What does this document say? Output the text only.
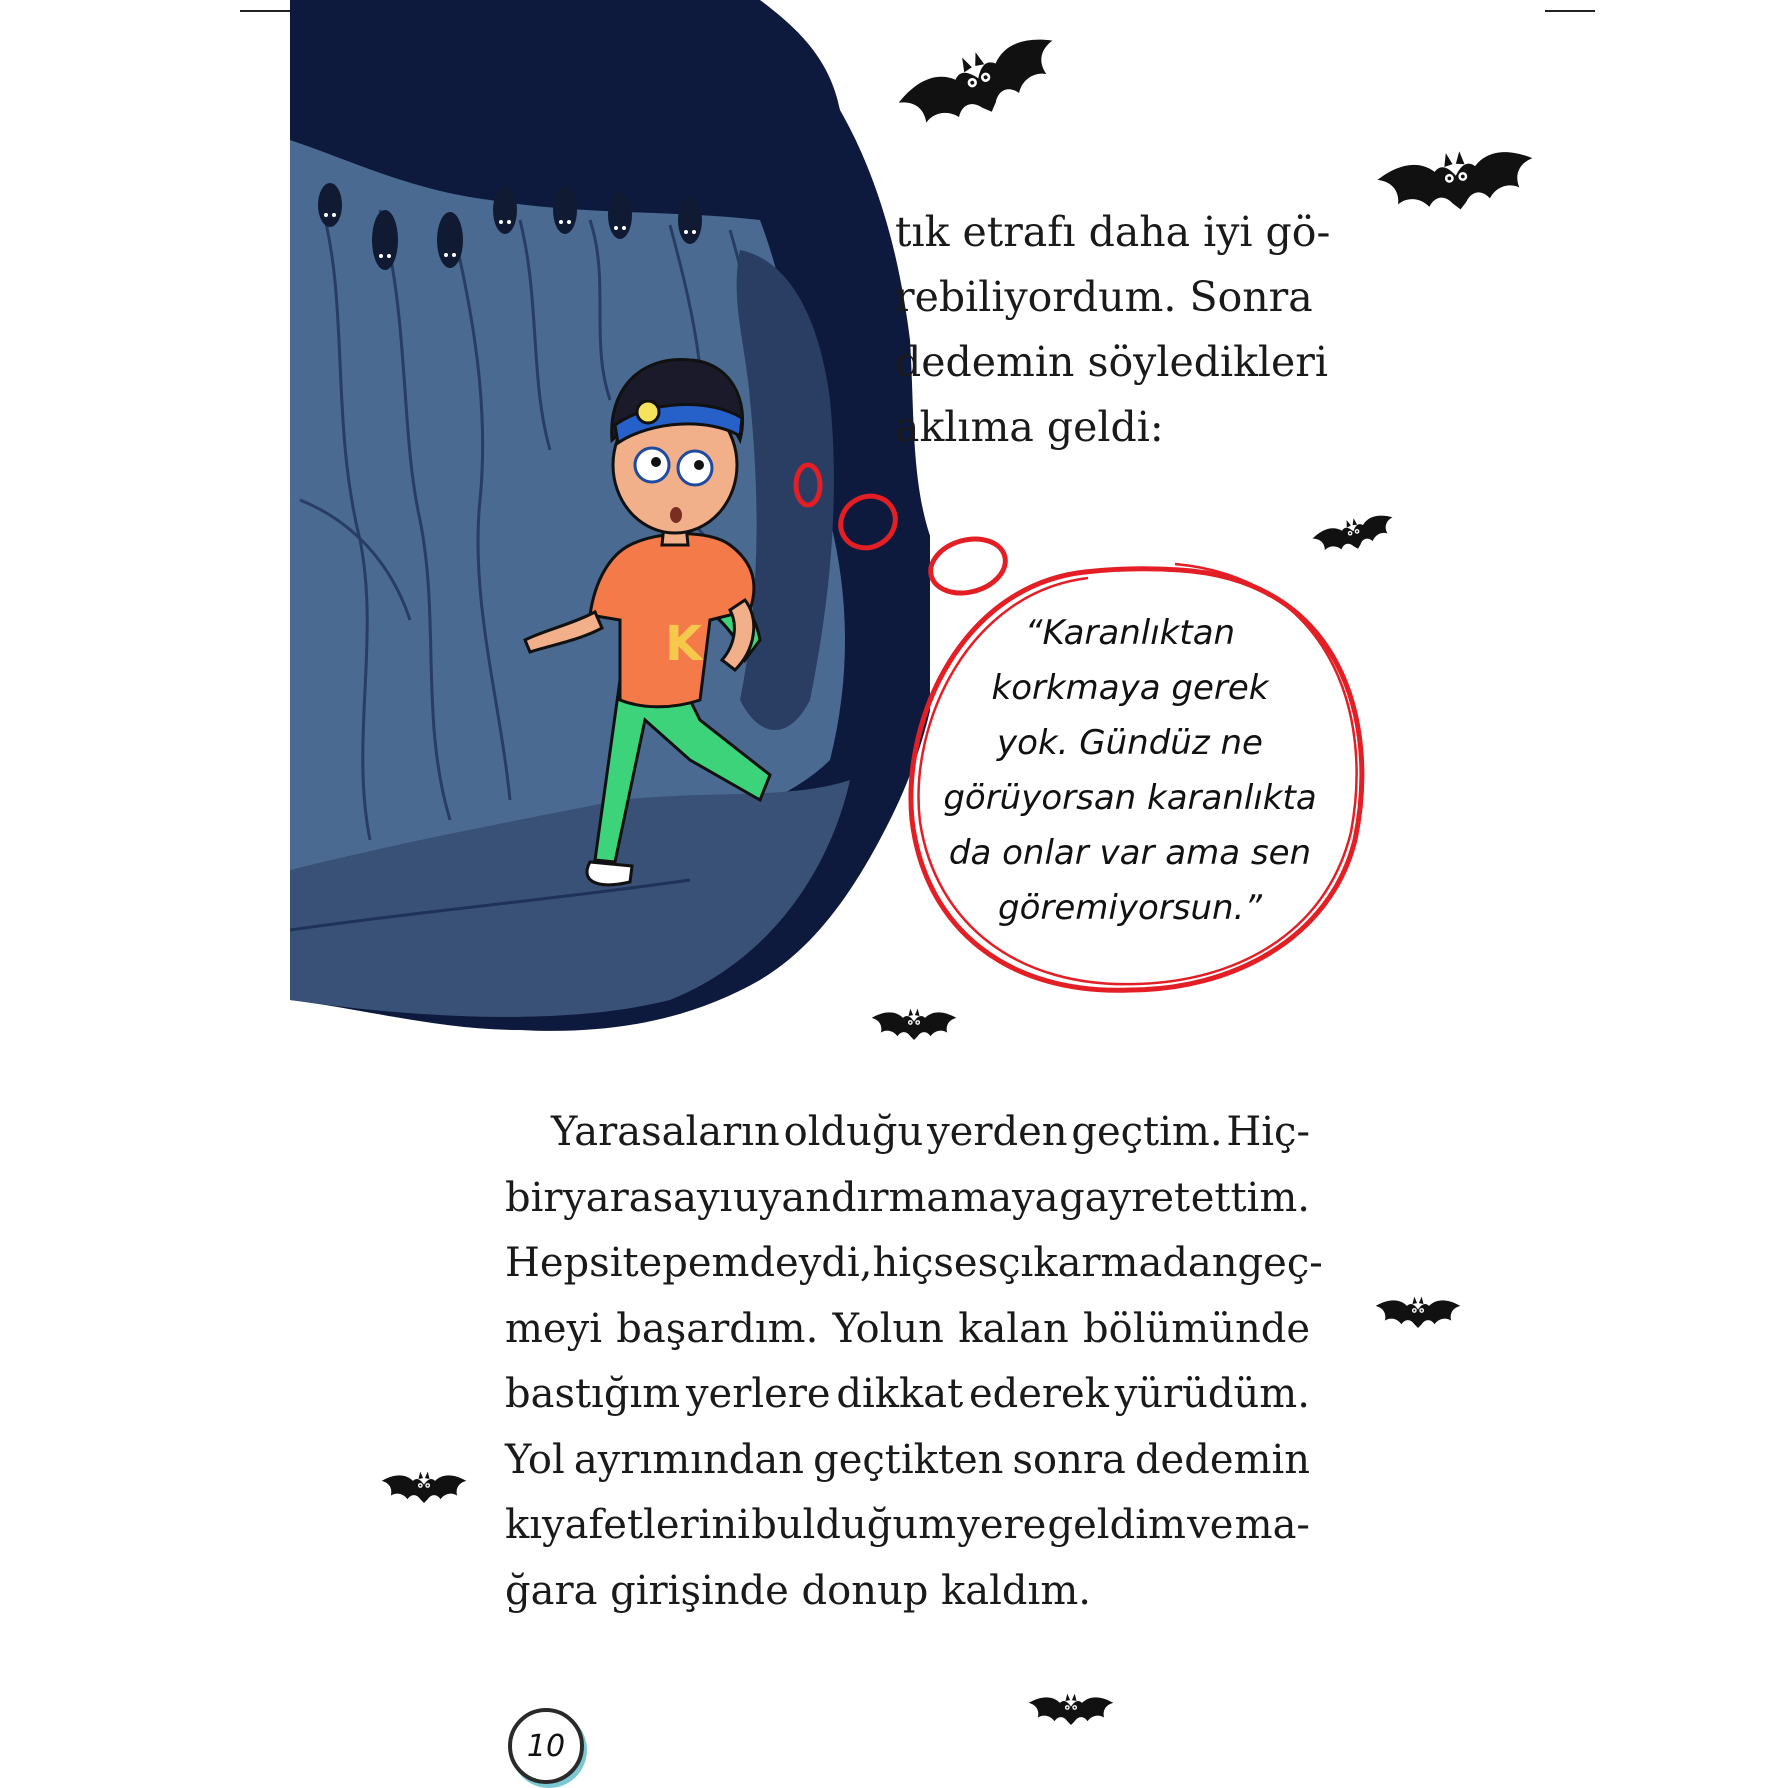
K
tık etrafı daha iyi gö-
rebiliyordum. Sonra
dedemin söyledikleri
aklıma geldi:
“Karanlıktan
korkmaya gerek
yok. Gündüz ne
görüyorsan karanlıkta
da onlar var ama sen
göremiyorsun.”
Yarasaların olduğu yerden geçtim. Hiç-
bir yarasayı uyandırmamaya gayret ettim.
Hepsi tepemdeydi, hiç ses çıkarmadan geç-
meyi başardım. Yolun kalan bölümünde
bastığım yerlere dikkat ederek yürüdüm.
Yol ayrımından geçtikten sonra dedemin
kıyafetlerini bulduğum yere geldim ve ma-
ğara girişinde donup kaldım.
10
